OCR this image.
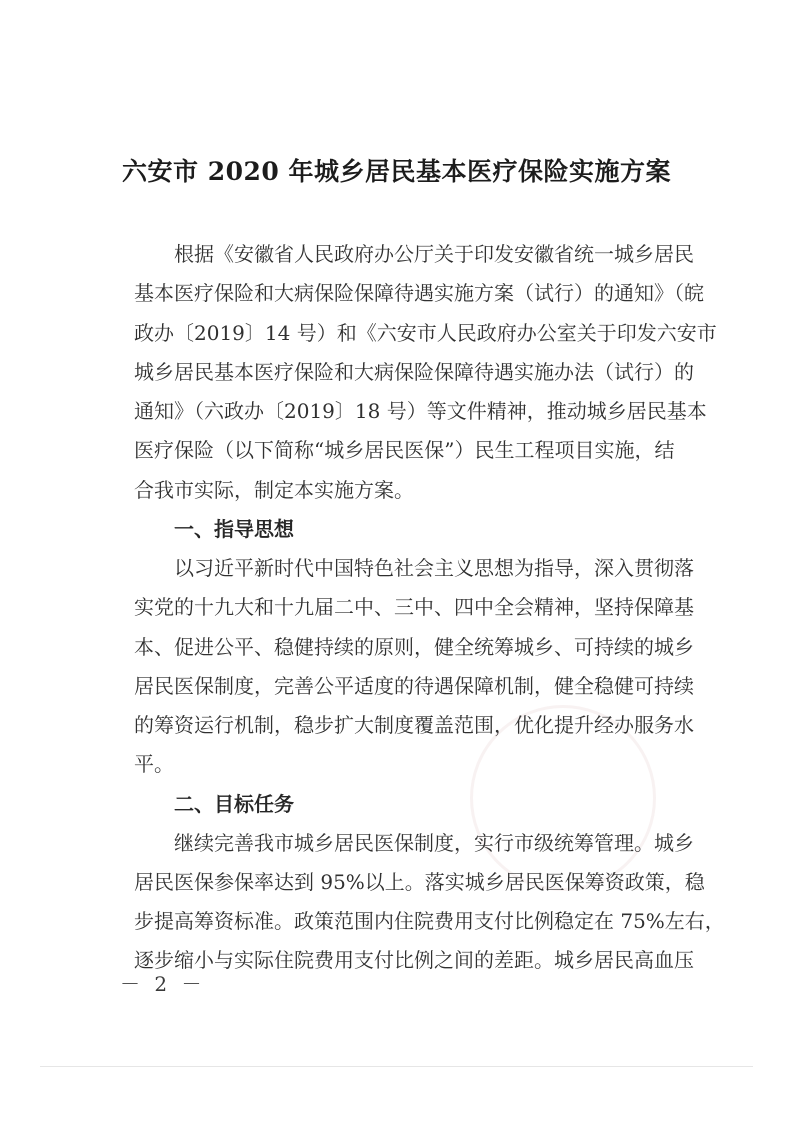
六安市 2020 年城乡居民基本医疗保险实施方案
根据《安徽省人民政府办公厅关于印发安徽省统一城乡居民
基本医疗保险和大病保险保障待遇实施方案（试行）的通知》（皖
政办〔2019〕14 号）和《六安市人民政府办公室关于印发六安市
城乡居民基本医疗保险和大病保险保障待遇实施办法（试行）的
通知》（六政办〔2019〕18 号）等文件精神，推动城乡居民基本
医疗保险（以下简称“城乡居民医保”）民生工程项目实施，结
合我市实际，制定本实施方案。
一、指导思想
以习近平新时代中国特色社会主义思想为指导，深入贯彻落
实党的十九大和十九届二中、三中、四中全会精神，坚持保障基
本、促进公平、稳健持续的原则，健全统筹城乡、可持续的城乡
居民医保制度，完善公平适度的待遇保障机制，健全稳健可持续
的筹资运行机制，稳步扩大制度覆盖范围，优化提升经办服务水
平。
二、目标任务
继续完善我市城乡居民医保制度，实行市级统筹管理。城乡
居民医保参保率达到 95%以上。落实城乡居民医保筹资政策，稳
步提高筹资标准。政策范围内住院费用支付比例稳定在 75%左右，
逐步缩小与实际住院费用支付比例之间的差距。城乡居民高血压
－ 2 －
